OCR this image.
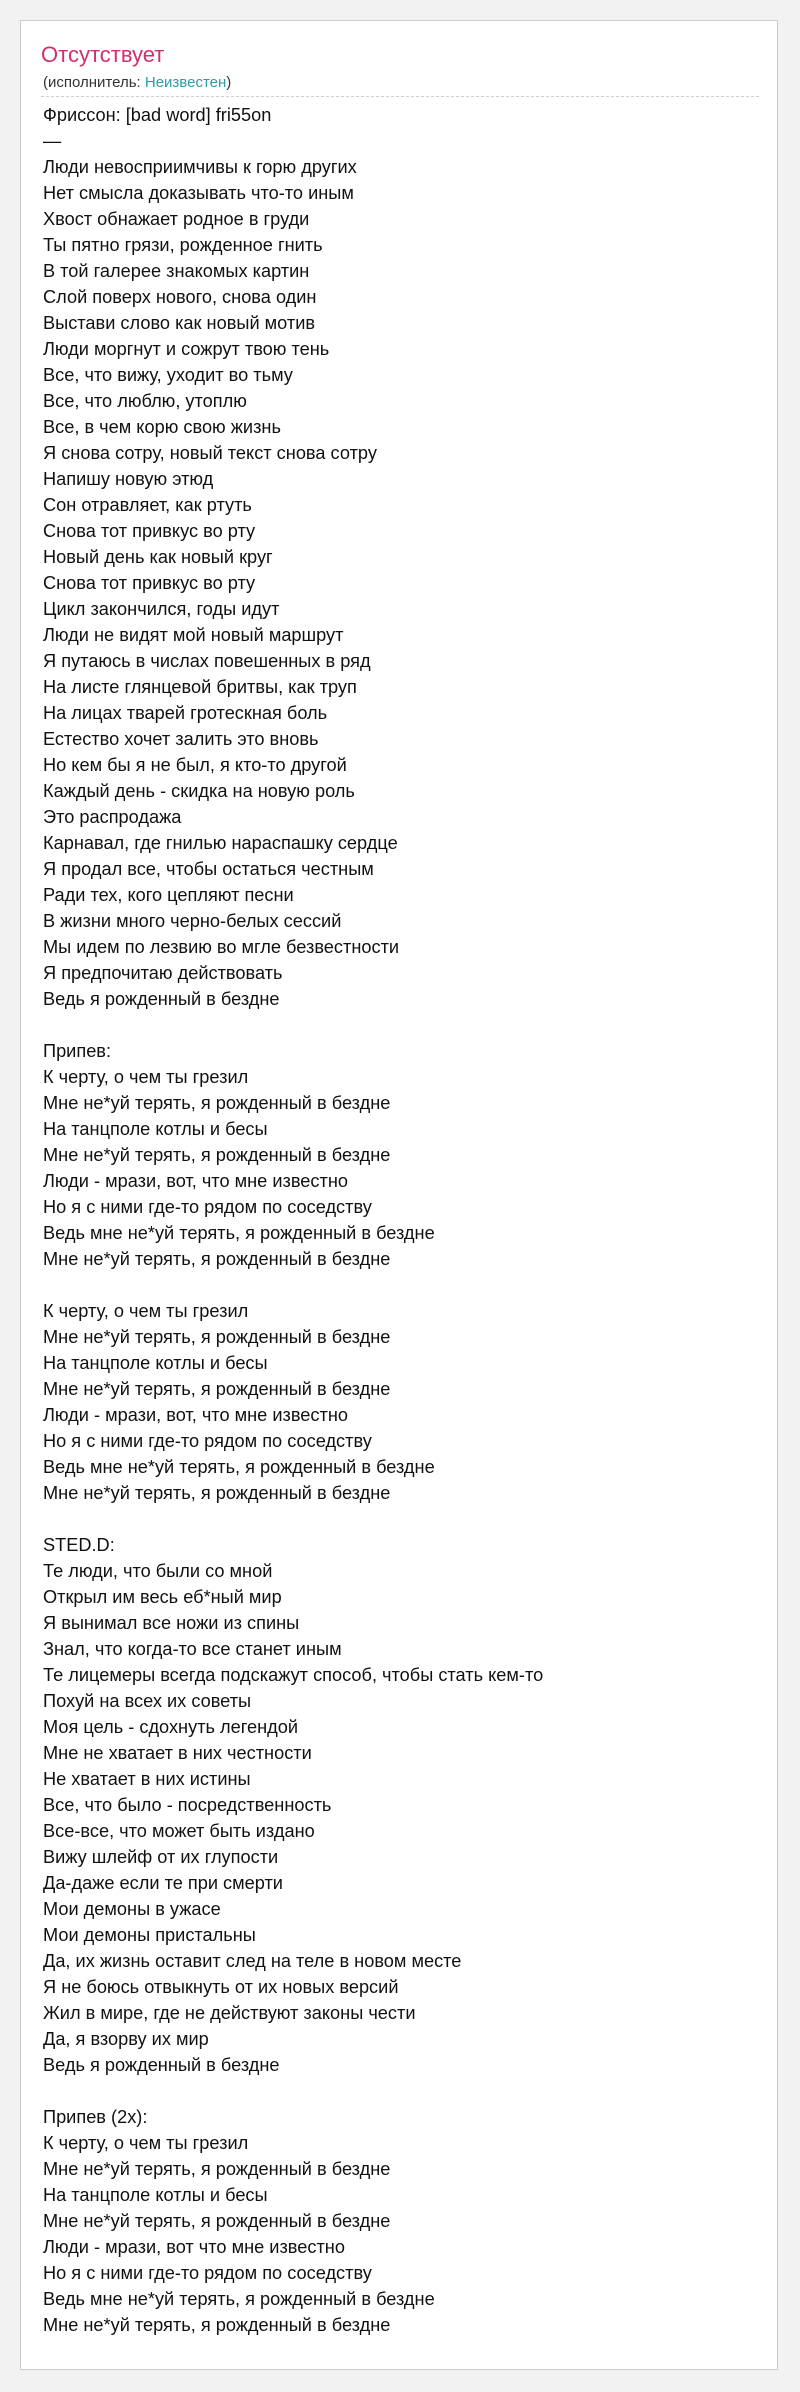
Отсутствует
(исполнитель: Неизвестен)
Фриссон: [bad word] fri55on
—
Люди невосприимчивы к горю других
Нет смысла доказывать что-то иным
Хвост обнажает родное в груди
Ты пятно грязи, рожденное гнить
В той галерее знакомых картин
Слой поверх нового, снова один
Выстави слово как новый мотив
Люди моргнут и сожрут твою тень
Все, что вижу, уходит во тьму
Все, что люблю, утоплю
Все, в чем корю свою жизнь
Я снова сотру, новый текст снова сотру
Напишу новую этюд
Сон отравляет, как ртуть
Снова тот привкус во рту
Новый день как новый круг
Снова тот привкус во рту
Цикл закончился, годы идут
Люди не видят мой новый маршрут
Я путаюсь в числах повешенных в ряд
На листе глянцевой бритвы, как труп
На лицах тварей гротескная боль
Естество хочет залить это вновь
Но кем бы я не был, я кто-то другой
Каждый день - скидка на новую роль
Это распродажа
Карнавал, где гнилью нараспашку сердце
Я продал все, чтобы остаться честным
Ради тех, кого цепляют песни
В жизни много черно-белых сессий
Мы идем по лезвию во мгле безвестности
Я предпочитаю действовать
Ведь я рожденный в бездне
Припев:
К черту, о чем ты грезил
Мне не*уй терять, я рожденный в бездне
На танцполе котлы и бесы
Мне не*уй терять, я рожденный в бездне
Люди - мрази, вот, что мне известно
Но я с ними где-то рядом по соседству
Ведь мне не*уй терять, я рожденный в бездне
Мне не*уй терять, я рожденный в бездне
К черту, о чем ты грезил
Мне не*уй терять, я рожденный в бездне
На танцполе котлы и бесы
Мне не*уй терять, я рожденный в бездне
Люди - мрази, вот, что мне известно
Но я с ними где-то рядом по соседству
Ведь мне не*уй терять, я рожденный в бездне
Мне не*уй терять, я рожденный в бездне
STED.D:
Те люди, что были со мной
Открыл им весь еб*ный мир
Я вынимал все ножи из спины
Знал, что когда-то все станет иным
Те лицемеры всегда подскажут способ, чтобы стать кем-то
Похуй на всех их советы
Моя цель - сдохнуть легендой
Мне не хватает в них честности
Не хватает в них истины
Все, что было - посредственность
Все-все, что может быть издано
Вижу шлейф от их глупости
Да-даже если те при смерти
Мои демоны в ужасе
Мои демоны пристальны
Да, их жизнь оставит след на теле в новом месте
Я не боюсь отвыкнуть от их новых версий
Жил в мире, где не действуют законы чести
Да, я взорву их мир
Ведь я рожденный в бездне
Припев (2х):
К черту, о чем ты грезил
Мне не*уй терять, я рожденный в бездне
На танцполе котлы и бесы
Мне не*уй терять, я рожденный в бездне
Люди - мрази, вот что мне известно
Но я с ними где-то рядом по соседству
Ведь мне не*уй терять, я рожденный в бездне
Мне не*уй терять, я рожденный в бездне
